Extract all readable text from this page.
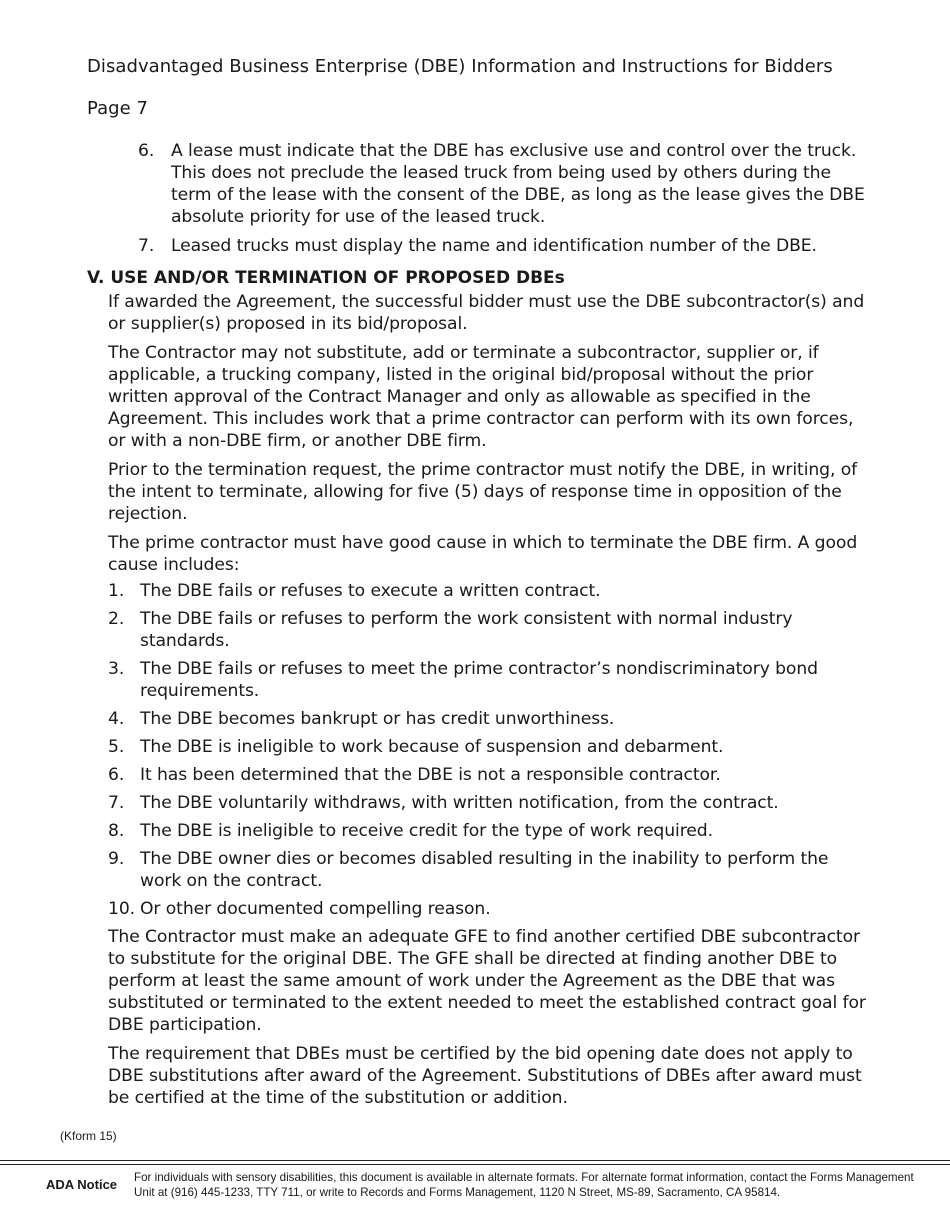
Disadvantaged Business Enterprise (DBE) Information and Instructions for Bidders
Page 7
6. A lease must indicate that the DBE has exclusive use and control over the truck. This does not preclude the leased truck from being used by others during the term of the lease with the consent of the DBE, as long as the lease gives the DBE absolute priority for use of the leased truck.
7. Leased trucks must display the name and identification number of the DBE.
V. USE AND/OR TERMINATION OF PROPOSED DBEs

If awarded the Agreement, the successful bidder must use the DBE subcontractor(s) and or supplier(s) proposed in its bid/proposal.

The Contractor may not substitute, add or terminate a subcontractor, supplier or, if applicable, a trucking company, listed in the original bid/proposal without the prior written approval of the Contract Manager and only as allowable as specified in the Agreement. This includes work that a prime contractor can perform with its own forces, or with a non-DBE firm, or another DBE firm.

Prior to the termination request, the prime contractor must notify the DBE, in writing, of the intent to terminate, allowing for five (5) days of response time in opposition of the rejection.

The prime contractor must have good cause in which to terminate the DBE firm. A good cause includes:

1. The DBE fails or refuses to execute a written contract.
2. The DBE fails or refuses to perform the work consistent with normal industry standards.
3. The DBE fails or refuses to meet the prime contractor’s nondiscriminatory bond requirements.
4. The DBE becomes bankrupt or has credit unworthiness.
5. The DBE is ineligible to work because of suspension and debarment.
6. It has been determined that the DBE is not a responsible contractor.
7. The DBE voluntarily withdraws, with written notification, from the contract.
8. The DBE is ineligible to receive credit for the type of work required.
9. The DBE owner dies or becomes disabled resulting in the inability to perform the work on the contract.
10. Or other documented compelling reason.

The Contractor must make an adequate GFE to find another certified DBE subcontractor to substitute for the original DBE. The GFE shall be directed at finding another DBE to perform at least the same amount of work under the Agreement as the DBE that was substituted or terminated to the extent needed to meet the established contract goal for DBE participation.

The requirement that DBEs must be certified by the bid opening date does not apply to DBE substitutions after award of the Agreement. Substitutions of DBEs after award must be certified at the time of the substitution or addition.

(Kform 15)
ADA Notice For individuals with sensory disabilities, this document is available in alternate formats. For alternate format information, contact the Forms Management Unit at (916) 445-1233, TTY 711, or write to Records and Forms Management, 1120 N Street, MS-89, Sacramento, CA 95814.
